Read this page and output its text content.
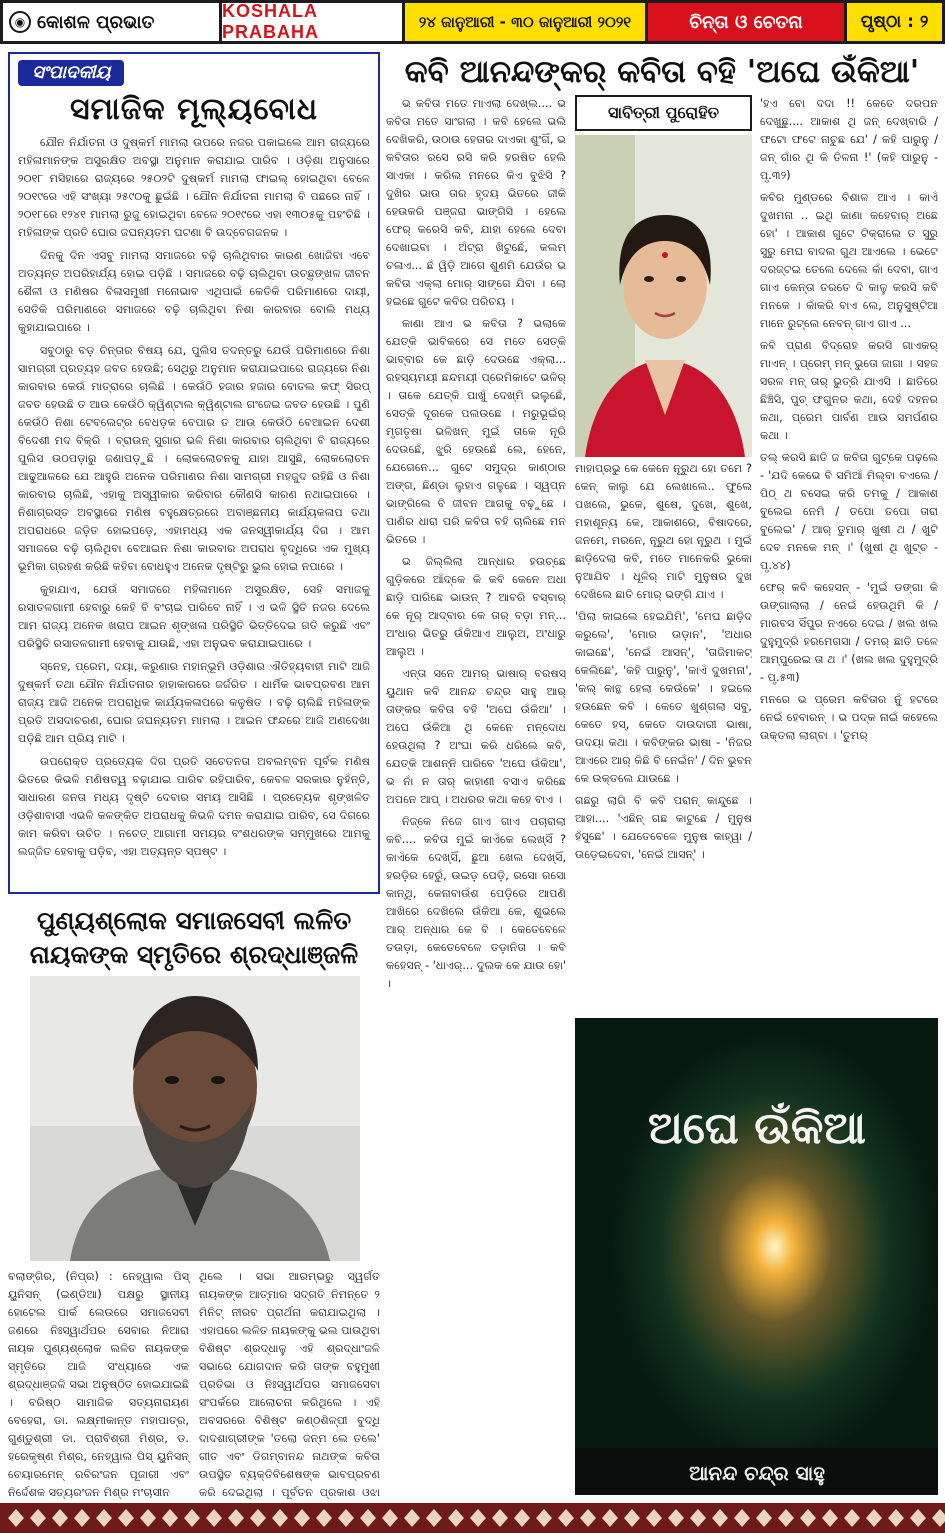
◉ କୋଶଳ ପ୍ରଭାତ
KOSHALA PRABAHA	୨୪ ଜାନୁଆରୀ - ୩୦ ଜାନୁଆରୀ ୨୦୨୧	ଚିନ୍ତା ଓ ଚେତନା	ପୃଷ୍ଠା : ୨
ସଂପାଦକୀୟ
ସମାଜିକ ମୂଲ୍ୟବୋଧ

ଯୌନ ନିର୍ଯାତନା ଓ ଦୁଷ୍କର୍ମ ମାମଲା ଉପରେ ନଜର ପକାଇଲେ ଆମ ରାଜ୍ୟରେ ମହିଳାମାନଙ୍କ ଅସୁରକ୍ଷିତ ଅବସ୍ଥା ଅନୁମାନ କରାଯାଇ ପାରିବ । ଓଡ଼ିଶା ଅନୁସାରେ ୨୦୧୮ ମସିହାରେ ରାଜ୍ୟରେ ୨୫୦୨ଟି ଦୁଷ୍କର୍ମ ମାମଲା ଫାଇଲ୍ ହୋଇଥିବା ବେଳେ ୨୦୧୯ରେ ଏହି ସଂଖ୍ୟା ୨୫୯୦କୁ ଛୁଇଁଛି । ଯୌନ ନିର୍ଯାତନା ମାମଲା ବି ପଛରେ ନାହିଁ । ୨୦୧୮ରେ ୧୨୪୧ ମାମଲା ରୁଜୁ ହୋଇଥିବା ବେଳେ ୨୦୧୯ରେ ଏହା ୧୩୦୫କୁ ପହଂଚିଛି । ମହିଳାଙ୍କ ପ୍ରତି ଘୋର ଜଘନ୍ୟତମ ଘଟଣା ବି ଉଦ୍‌ବେଗଜନକ ।

ଦିନକୁ ଦିନ ଏସବୁ ମାମଲା ସମାଜରେ ବଢ଼ି ଚାଲିଥିବାର କାରଣ ଖୋଜିବା ଏବେ ଅତ୍ୟନ୍ତ ଅପରିହାର୍ଯ୍ୟ ହୋଇ ପଡ଼ିଛି । ସମାଜରେ ବଢ଼ି ଚାଲିଥିବା ଉଚ୍ଛୃଙ୍ଖଳ ଜୀବନ ଶୈଳୀ ଓ ମଣିଷର ବିଳାସମୁଖୀ ମନୋଭାବ ଏଥିପାଇଁ କେତିକି ପରିମାଣରେ ଦାୟୀ, ସେତିକି ପରିମାଣରେ ସମାଜରେ ବଢ଼ି ଚାଲିଥିବା ନିଶା କାରବାର ବୋଲି ମଧ୍ୟ କୁହାଯାଇପାରେ ।

ସବୁଠାରୁ ବଡ଼ ଚିନ୍ତାର ବିଷୟ ଯେ, ପୁଲିସ ତଦନ୍ତରୁ ଯେଉଁ ପରିମାଣରେ ନିଶା ସାମଗ୍ରୀ ପ୍ରତ୍ୟହ ଜବତ ହେଉଛି; ସେଥିରୁ ଅନୁମାନ କରାଯାଇପାରେ ରାଜ୍ୟରେ ନିଶା କାରବାର କେଉଁ ମାତ୍ରାରେ ଚାଲିଛି । କେଉଁଠି ହଜାର ହଜାର ବୋତଲ କଫ୍ ସିରପ୍ ଜବତ ହେଉଛି ତ ଆଉ କେଉଁଠି କ୍ୱିଣ୍ଟାଲ କ୍ୱିଣ୍ଟାଲ ଗଂଜେଇ ଜବତ ହେଉଛି । ପୁଣି କେଉଁଠି ନିଶା ଟେବଲେଟ୍‌ର ବେଧଡ଼କ ବେପାର ତ ଆଉ କେଉଁଠି ବେଆଇନ ଦେଶୀ ବିଦେଶୀ ମଦ ବିକ୍ରି । ବ୍ରାଉନ୍ ସୁଗାର ଭଳି ନିଶା କାରବାର ଚାଲିଥିବା ବି ରାଜ୍ୟରେ ପୁଲିସ ଉଠପଡ଼ାରୁ ଜଣାପଡ଼ୁଛି । ଲୋକଲୋଚନକୁ ଯାହା ଆସୁଛି, ଲୋକଲୋଚନ ଆଢୁଆଳରେ ଯେ ଆହୁରି ଅନେକ ପରିମାଣର ନିଶା ସାମଗ୍ରୀ ମହଜୁଦ ରହିଛି ଓ ନିଶା କାରବାର ଚାଲିଛି, ଏହାକୁ ଅସ୍ୱୀକାର କରିବାର କୌଣସି କାରଣ ନଥାଇପାରେ । ନିଶାଗ୍ରସ୍ତ ଅବସ୍ଥାରେ ମଣିଷ ବହୁକ୍ଷେତ୍ରରେ ଅବାଞ୍ଛନୀୟ କାର୍ଯ୍ୟକଳାପ ତଥା ଅପରାଧରେ ଜଡ଼ିତ ହୋଇପଡ଼େ, ଏହାମଧ୍ୟ ଏକ ଜନସ୍ୱୀକାର୍ଯ୍ୟ ଦିଗ । ଆମ ସମାଜରେ ବଢ଼ି ଚାଲିଥିବା ବେଆଇନ ନିଶା କାରବାର ଅପରାଧ ବୃଦ୍ଧିରେ ଏକ ମୁଖ୍ୟ ଭୂମିକା ଗ୍ରହଣ କରିଛି କହିବା ବୋଧହୁଏ ଅନେକ ଦୃଷ୍ଟିରୁ ଭୁଲ ହୋଇ ନପାରେ ।

କୁହାଯାଏ, ଯେଉଁ ସମାଜରେ ମହିଳାମାନେ ଅସୁରକ୍ଷିତ, ସେହି ସମାଜକୁ ରସାତଳଗାମୀ ହେବାରୁ କେହି ବି ବଂଚାଇ ପାରିବେ ନାହିଁ । ଏ ଭଳି ସ୍ଥିତି ନଜର ଦେଲେ ଆମ ରାଜ୍ୟ ଅନେକ ଖରାପ ଆଇନ ଶୃଙ୍ଖଳା ପରିସ୍ଥିତି ଭିତ୍ତିଦେଇ ଗତି କରୁଛି ଏବଂ ପରିସ୍ଥିତି ରସାତଳଗାମୀ ହେବାକୁ ଯାଉଛି, ଏହା ଅନୁଭବ କରାଯାଇପାରେ ।

ସ୍ନେହ, ପ୍ରେମ, ଦୟା, କରୁଣାର ମହାନ୍‌ଭୂମି ଓଡ଼ିଶାର ଐତିହ୍ୟବାହୀ ମାଟି ଆଜି ଦୁଷ୍କର୍ମ ତଥା ଯୌନ ନିର୍ଯାତନାର ହାହାକାରରେ ଜର୍ଜରିତ । ଧାର୍ମିକ ଭାବପ୍ରବଣ ଆମ ରାଜ୍ୟ ଆଜି ଅନେକ ଅପରାଧିକ କାର୍ଯ୍ୟକଳାପରେ କଳୁଷିତ । ବଢ଼ି ଚାଲିଛି ମହିଳାଙ୍କ ପ୍ରତି ଅସଦାଚରଣ, ଘୋର ଜଘନ୍ୟତମ ମାମଲା । ଆଇନ ଫନ୍ଦରେ ଆଜି ଅଣଦେଖା ପଡ଼ିଛି ଆମ ପ୍ରିୟ ମାଟି ।

ଉପରୋକ୍ତ ପ୍ରତ୍ୟେକ ଦିଗ ପ୍ରତି ସଚେତନତା ଅବଲମ୍ବନ ପୂର୍ବକ ମଣିଷ ଭିତରେ କିଭଳି ମଣିଷତ୍ୱ ବଢ଼ାଯାଇ ପାରିବ ରହିପାରିବ, କେବଳ ସରକାର ନୁହଁନ୍ତି, ସାଧାରଣ ଜନତା ମଧ୍ୟ ଦୃଷ୍ଟି ଦେବାର ସମୟ ଆସିଛି । ପ୍ରତ୍ୟେକ ଶୃଙ୍ଖଳିତ ଓଡ଼ିଶାବାସୀ ଏଭଳି କଳଙ୍କିତ ଅପରାଧକୁ କିଭଳି ଦମନ କରାଯାଇ ପାରିବ, ସେ ଦିଗରେ କାମ କରିବା ଉଚିତ । ନଚେତ୍ ଆଗାମୀ ସମୟର ବଂଶଧରଙ୍କ ସମ୍ମୁଖରେ ଆମକୁ ଲଜ୍ଜିତ ହେବାକୁ ପଡ଼ିବ, ଏହା ଅତ୍ୟନ୍ତ ସ୍ପଷ୍ଟ ।

ପୁଣ୍ୟଶ୍ଲୋକ ସମାଜସେବୀ ଲଳିତ ନାୟକଙ୍କ ସ୍ମୃତିରେ ଶ୍ରଦ୍ଧାଞ୍ଜଳି
ବଲାଙ୍ଗିର, (ନିପ୍ର) : ନେହ୍ୱାଲ ପିସ୍ ୟୁନିସନ୍ (ଇଣ୍ଡିଆ) ପକ୍ଷରୁ ସ୍ଥାନୀୟ ହୋଟେଲ ପାର୍କ ଲେଉରେ ସମାଜସେବୀ ଜଣରେ ନିଃସ୍ୱାର୍ଥପର ସେବାର ନିଆରା ନାୟକ ପୁଣ୍ୟଶ୍ଲୋକ ଲଳିତ ନାୟକଙ୍କ ସ୍ମୃତିରେ ଆଜି ସଂଧ୍ୟାରେ ଏକ ଶ୍ରଦ୍ଧାଞ୍ଜଳି ସଭା ଅନୁଷ୍ଠିତ ହୋଇଯାଇଛି । ବରିଷ୍ଠ ସାମାଜିକ ସତ୍ୟନାରାୟଣ ବେହେରା, ଡା. ଲକ୍ଷ୍ମୀକାନ୍ତ ମହାପାତ୍ର, ଗୁଣ୍ଡୁଶ୍ରୀ ଡା. ପ୍ରାବିଶ୍ରୀ ମିଶ୍ର, ଡ. ହରେକୃଷ୍ଣ ମିଶ୍ର, ନେହ୍ୱାଲ ପିସ୍ ୟୁନିସନ୍ ଚେୟାରମେନ୍ ରବିରଂଜନ ପୂଜାରୀ ଏବଂ ନିର୍ଦ୍ଦେଶକ ସତ୍ୟରଂଜନ ମିଶ୍ର ମଂଚାସୀନ
ଥିଲେ । ସଭା ଆରମ୍ଭରୁ ସ୍ୱର୍ଗତ ନାୟକଙ୍କ ଆତ୍ମାର ସଦ୍‌ଗତି ନିମନ୍ତେ ୨ ମିନିଟ୍ ନୀରବ ପ୍ରାର୍ଥନା କରାଯାଇଥିଲା । ଏହାପରେ ଲଳିତ ନାୟକଙ୍କୁ ଭଲ ପାଉଥିବା ବିଶିଷ୍ଟ ଶ୍ରଦ୍ଧାଳୁ ଏହି ଶ୍ରଦ୍ଧାଂଜଳି ସଭାରେ ଯୋଗଦାନ କରି ତାଙ୍କ ବହୁମୁଖୀ ପ୍ରତିଭା ଓ ନିଃସ୍ୱାର୍ଥପର ସମାଜସେବା ସଂପର୍କରେ ଆଲୋଚନା କରିଥିଲେ । ଏହି ଅବସରରେ ବିଶିଷ୍ଟ କଣ୍ଠଶିଳ୍ପୀ ବୁଦ୍ଧି ଦାଦଶାଗ୍ରୀଙ୍କ 'ତଲୋ ଜନ୍ମ ଲେ ତଲେ' ଗୀତ ଏବଂ ଡିଗମ୍ବାନନ୍ଦ ନାଥଙ୍କ କବିତା ଉପସ୍ଥିତ ବ୍ୟକ୍ତିବିଶେଷଙ୍କ ଭାବପ୍ରବଣ କରି ଦେଇଥିଲା । ପୂର୍ବତନ ପ୍ରକାଶ ଓଝା
କବି ଆନନ୍ଦଙ୍କର୍ କବିତା ବହି 'ଅଘେ ଉଁକିଆ'

ଭ କବିତା ମତେ ମାଏଲା ଦେଖ୍‌ଲ.... ଭ କବିତା ମତେ ସାଂଗଲା । କବି ହେଲେ ଭଲି ଦେଖିକରି, ଉଠାଉ ହେତାର ଦାଏକା ଶୁଂଗିଁ, ଭ କବିତାର ରସେ ରସି କରି ହରଷିତ ହେଲି ସାଏକା । କରିଲ ମନରେ କିଏ ବୁଝିସି ? ଦୁଖିର ଭାଉ ତାର ହୃଦୟ ଭିତରେ ଜୀକି ହେଉକରି ପଞ୍ଜରା ଭାଙ୍ଗିସି । ହେଲେ ଫେର୍ କରେସି କବି, ଯାହା ହେଲେ ଦେବା ଦେଖାଇବା । ଅଁଟ୍ରା ଖିଟୁଛେଁ, କଲମ୍ ଚଳାଏ... ଛଁ ୱିଡ଼ି ଆଗେ ଶୁଣମି ଯେଉଁର ଭ କବିତା ଏକ୍ଲା ମୋର୍ ସାଙ୍ଗେ ଯିବା । ଲୋ ହଇଛେ ଗୁଟେ କବିର ପରିଚୟ ।

କାଣା ଆଏ ଭ କବିତା ? ଭଲାକେ ଯେତ୍‌କି ଭାବିକରେ ସେ ମତେ ସେତ୍‌କି ଭାବ୍‌ବାର କେ ଛାଡ଼ି ଦେଉଛେ ଏକ୍‌ଲା... ରହସ୍ୟମୟୀ ଛନ୍ଦମୟୀ ପ୍ରେମିକାଟେ ଭଳିର୍ । ତାକେ ଯେତ୍‌କି ପାଖୁଁ ଦେଖ୍‌ମି ଭଲୁଛେଁ, ସେତ୍‌କି ଦୂରକେ ପଲଉଛେ । ମରୁଭୂଇଁର୍ ମୃଗତୃଷା ଭଳିଖନ୍ ମୁଇଁ ତାକେ ନୂରି ଦେଉଛେଁ, ଝୁରି ହେଉଛେଁ ଲେ, ହେନେ, ଯେଗେନେ... ଗୁଟେ ସମୁଦ୍ର କାଣ୍ଠାର ଅଙ୍ଗ, ଛିଣ୍ଡା ଲୁହାଏ ଗଳୁଛେ । ସ୍ୱପ୍ନ ଭାଙ୍ଗିଲେ ବି ଜୀବନ ଆଗକୁ ବଢ଼ୁଛେ । ପାଣିର ଧାରା ପରି କବିତା ବହି ଚାଲିଛେ ମନ ଭିତରେ ।

ଭ ଜିଲ୍‌ଲିଲା ଆନ୍ଧାର ହଉଚ୍ଛେ ଗୁଡ଼ିକରେ ଆଁଦ୍‌କେ କି କବି କେନେ ଅଧା ଛାଡ଼ି ପାରିଛେ ଭାଉନ୍ ? ଆବରି ବସ୍‌ବାର୍ କେ ନୂର୍ ଆଦ୍‌ବାର କେ ତାର୍ ବଡ଼ା ମନ୍... ଅଂଧାର ଭିତରୁ ଉଁକିଆଏ ଆଲୁଅ, ଅଂଧାରୁ ଆଲୁଅ ।

ଏନ୍‌ତା ସନେ ଆମର୍ ଭାଷାର୍ ବରଷସ୍ ୟୁଥାନ କବି ଆନନ୍ଦ ଚନ୍ଦ୍ର ସାହୁ ଆର୍ ତାଙ୍କର କବିତା ବହି 'ଅଘେ ଉଁକିଆ' । ଅଘେ ଉଁକିଆ ଥି କେନେ ମନ୍‌ଦୋଧ ହେଉଥିଲା ? ଅଂଘା କରି ଧରିଲେ କବି, ଯେତ୍‌କି ଆଶନ୍ନି ପାରିବେ 'ଅଘେ ଉଁକିଆ', ଭ ନାଁ ନ ତାର୍ କାହାଣୀ ବସାଏ କରିଛେ ଅପନେ ଆପ୍ । ଅଧରର କଥା କହେ ବାଏ ।

ନିଜ୍‌କେ ନିଜେ ଗାଏ ଗାଏ ପଚାରାଲା କବି.... କବିତା ମୁଇଁ କାଏଁକେ ଲେଖ୍‌ସିଁ ? କାଏଁକେ ଦେଖ୍‌ସିଁ, ଛୁଆ ଖେଲ ଦେଖ୍‌ସିଁ, ହରଡ଼ିର ହେରୁଁ, ଉଇଡ଼ ପେଡ଼ି, ରସୋ ରସୋ କାନ୍‌ଥି, କେନାବାଉଁଶ ପେଡ଼ିରେ ଆପଣି ଆଖିରେ ଦେଖିଲେ ଉଁକିଆ କେ, ଶୁଭଲେ ଆର୍ ଅନ୍ଧାର କେ ବି । କେତେବେଳେ ତଉଡ଼ା, କେତେବେଳେ ତଡ଼ାନିତା । କବି କହେସନ୍ - 'ଧାଏର୍... ଦୁଲକ କେ ଯାଉ ହୋ' ।

ସାବିତ୍ରୀ ପୁରୋହିତ

ମାହାପ୍ରଭୁ କେ କେନେ ନୂରୁଥ ହୋ ତମେ ? କେନ୍ କାଲୁ ଯେ ଲେଖାଲେ.. ଫୁଲେ ପଖଲେ, ଭୁକେ, ଶୁଷେ, ଦୁଖେ, ଶୁଖେ, ମହାଶୂନ୍ୟ କେ, ଆକାଶରେ, ବିଷାଦରେ, ଜନମେ, ମରନେ, ନୂରୁଥ ହୋ ନୂରୁଥ । ମୁଇଁ ଛାଡ଼ିଦେଲା କବି, ମତେ ମାନେକରି ଭୁକୋ ନୁଆଯିବ । ଧୂଳିର୍ ମାଟି ମୁନୁଷର ଦୁଖ ଦେଖିଲେ ଛାତି ମୋର୍ ଭଙ୍ଗି ଯାଏ ।

'ପିଲା କାଇଲେ ହେଇଯିମି', 'ମେଘ ଛାଡ଼ିଦ କରୁଲେ', 'ମୋର ଉଡ଼ାନ', 'ଅଧାର କାଇଛେ', 'ନେଇଁ ଆସନ୍', 'ତାଜିମାକଟ୍ କେଲିଛେ', 'କହି ପାରୁନୁ', 'କାଏଁ ଦୁଖମନା', 'କଲ୍ କାନ୍ଥ ହେଲା କେଉଁକେ' । ହଇଲେ ହଉଛେନ କବି । କେତେ ଖୁଶ୍‌ଗଲା ସବୁ, କେତେ ହସ୍, କେତେ ଦାଉଦାରୀ ଭାଷା, ଉଦୟା କଥା । କବିଙ୍କର ଭାଷା - 'ନିଜର ଆଏରେ ଆର୍ କିଛି ବି ନେଇଁନ' / ଦିନ ଭୁବନ କେ ଉକ୍ତଲେ ଯାଉଛେ ।

ଗଛରୁ ଲାଗି ବି କବି ପରାନ୍ କାନ୍ଦୁଛେ । ଆହା.... 'ଏଛିନ୍ ଗଛ କାଟୁଛେ / ମୁନୁଷ ହଁସୁଛେ' । ଯେତେବେଳେ ମୁନୁଷ କାହ୍ୱା / ଉଡ଼େଇଦେବା, 'ନେଇଁ ଆସନ୍' ।

'ହଏ ବୋ ଦଦା !! କେତେ ଦରପନ ଦେଖୁଛୁ.... ଆକାଶ ଥି ଜନ୍ ଦେଖ୍‌ବାରି / ଫଟୋ ଫଟେ ନାଚୁଛ ଯେ' / କହି ପାରୁନୁ / ଜନ୍ ଗାଁର ଥି କି ତିଳନା !' (କହି ପାରୁନୁ - ପୃ.୩୨)

କବିର ମୁଣ୍ଡରେ ବିଶାଳ ଆଏ । କାଏଁ ଦୁଖମନା .. ଇଥି କାଣା କହେବାର୍ ଅଛେ ହୋ' । ଆକାଶ ଗୁଟେ ଟିକ୍ରାଲେ ତ ସୁରୁ ସୁରୁ ମେଘ ବାଦଲ ଗୁଥ ଆଏଲେ । ଭେଟେ ଦରଜ୍‌ଟଇ ତେଲେ ଦେଲେ କାଁ ଦେବା, ଗାଏ ଗାଏ କେନ୍‌ତା ତରତେ ଦି କାଳୁ କରସି କବି ମନକେ । କାଁକରି ବାଏ ଲେ, ଅନୁସୁଷ୍ଟିଆ ମାନେ ରୁଟ୍‌ଲେ ନେବନ୍ ଗାଏ ଗାଏ ...

କବି ପ୍ରାଣ ବିଦ୍ରୋହ କରସି ଗାଏକର୍ ମାଏନ୍ । ପ୍ରେମ୍ ମନ୍ ଭୁତୋ ଜାଗା । ସହଜ ସରଳ ମନ୍ ତାର୍ ଭୁତ୍ରି ଯାଏସି । ଛାତିରେ ଛିଞ୍ଚିସି, ପୁଚ୍ ଫଗୁନର କଥା, ଦେହଁ ଦହନର କଥା, ପ୍ରେମ ପାର୍ବଣ ଆଉ ସମର୍ପଣର କଥା ।

ତଲ୍ କରସି ଛାତି ଜ କବିତା ଗୁଟ୍‌କେ ପଢ଼ଲେ - 'ଯଦି କେଭେ ବି ସମିଆଁ ମିଲ୍‌ବା ବଏଲେ / ପିଠ୍ ଥ ବସେଇ କରି ତମକୁ / ଆକାଶ ବୁଲେଇ ନେମି / ତପୋ ତପୋ ତାରା ବୁଲେଇ' / ଆର୍ ତୁମାର୍ ଖୁଷୀ ଥ / ଖୁଟି ଦେବ ମନକେ ମନ୍ ।' (ଖୁଷୀ ଥି ଖୁଟ୍‌ଚ - ପୃ.୪୪)

ଫେର୍ କବି କହେସନ୍ - 'ମୁଇଁ ଡଙ୍ଗା କି ଉଙ୍ଗାଲାଲା / ନେଇଁ ହେଉଥିମି କି / ମାରବସ ସିଁପୁର ନଏରେ ଦେଇ / ଖଲ ଖଲ ଦୁହୁମୁଦ୍ରି ହରମେଗସା / ତମର୍ ଛାତି ତଳେ ଆମ୍ପୁରେଇ ତା ଥ ।' (ଖଲ ଖଲ ଦୁହୁମୁଦ୍ରି - ପୃ.୫୩)

ମନରେ ଭ ପ୍ରେମ କବିତାର ନୁଁ ହଟରେ ନେଇଁ ହେବାରନ୍ । ଭ ପଦ୍‌କ ନାଇଁ କହେଲେ ଉକ୍ତଲା ଲାଗ୍‌ବା । 'ତୁମର୍

ଅଘେ ଉଁକିଆ
ଆନନ୍ଦ ଚନ୍ଦ୍ର ସାହୁ
